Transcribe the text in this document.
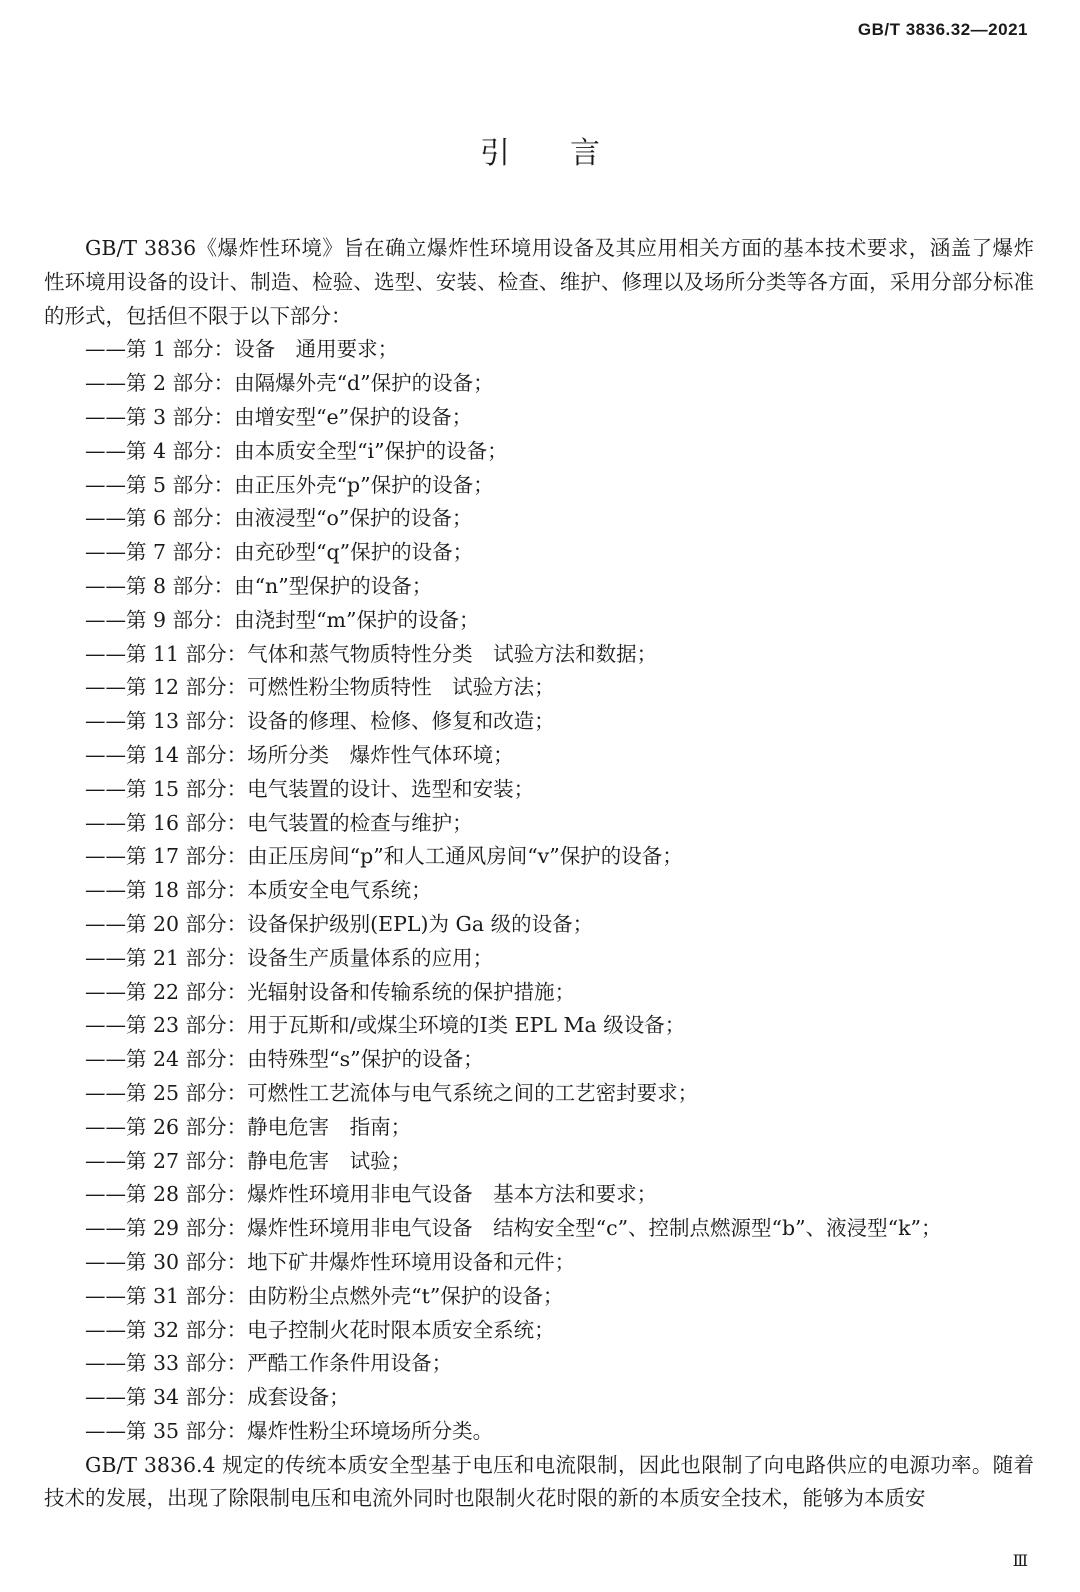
GB/T 3836.32—2021
引言

GB/T 3836《爆炸性环境》旨在确立爆炸性环境用设备及其应用相关方面的基本技术要求，涵盖了爆炸性环境用设备的设计、制造、检验、选型、安装、检查、维护、修理以及场所分类等各方面，采用分部分标准的形式，包括但不限于以下部分：

——第 1 部分：设备　通用要求；
——第 2 部分：由隔爆外壳“d”保护的设备；
——第 3 部分：由增安型“e”保护的设备；
——第 4 部分：由本质安全型“i”保护的设备；
——第 5 部分：由正压外壳“p”保护的设备；
——第 6 部分：由液浸型“o”保护的设备；
——第 7 部分：由充砂型“q”保护的设备；
——第 8 部分：由“n”型保护的设备；
——第 9 部分：由浇封型“m”保护的设备；
——第 11 部分：气体和蒸气物质特性分类　试验方法和数据；
——第 12 部分：可燃性粉尘物质特性　试验方法；
——第 13 部分：设备的修理、检修、修复和改造；
——第 14 部分：场所分类　爆炸性气体环境；
——第 15 部分：电气装置的设计、选型和安装；
——第 16 部分：电气装置的检查与维护；
——第 17 部分：由正压房间“p”和人工通风房间“v”保护的设备；
——第 18 部分：本质安全电气系统；
——第 20 部分：设备保护级别(EPL)为 Ga 级的设备；
——第 21 部分：设备生产质量体系的应用；
——第 22 部分：光辐射设备和传输系统的保护措施；
——第 23 部分：用于瓦斯和/或煤尘环境的Ⅰ类 EPL Ma 级设备；
——第 24 部分：由特殊型“s”保护的设备；
——第 25 部分：可燃性工艺流体与电气系统之间的工艺密封要求；
——第 26 部分：静电危害　指南；
——第 27 部分：静电危害　试验；
——第 28 部分：爆炸性环境用非电气设备　基本方法和要求；
——第 29 部分：爆炸性环境用非电气设备　结构安全型“c”、控制点燃源型“b”、液浸型“k”；
——第 30 部分：地下矿井爆炸性环境用设备和元件；
——第 31 部分：由防粉尘点燃外壳“t”保护的设备；
——第 32 部分：电子控制火花时限本质安全系统；
——第 33 部分：严酷工作条件用设备；
——第 34 部分：成套设备；
——第 35 部分：爆炸性粉尘环境场所分类。

GB/T 3836.4 规定的传统本质安全型基于电压和电流限制，因此也限制了向电路供应的电源功率。随着技术的发展，出现了除限制电压和电流外同时也限制火花时限的新的本质安全技术，能够为本质安

Ⅲ
